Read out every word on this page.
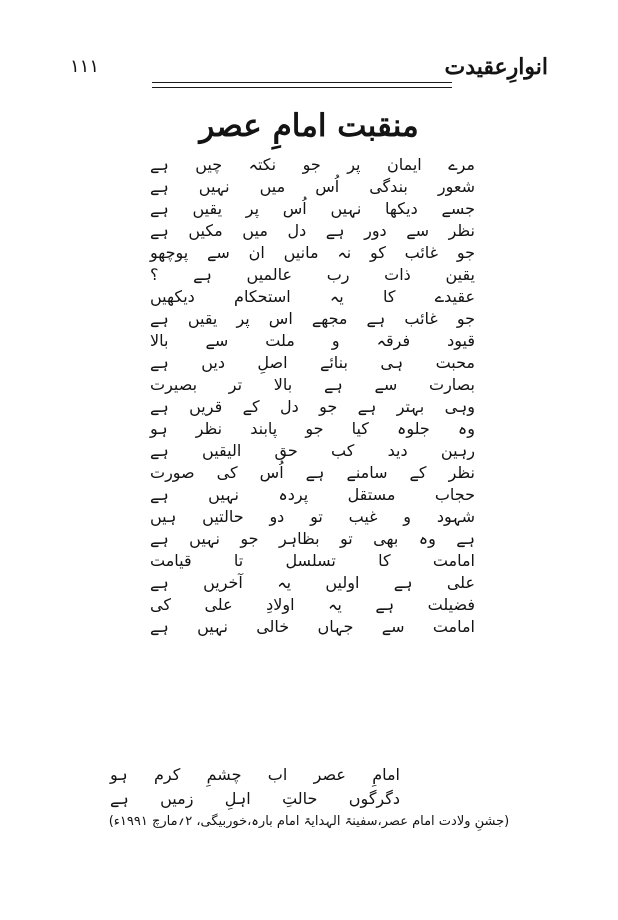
۱۱۱	انوارِعقیدت
منقبت امامِ عصر
مرے ایمان پر جو نکتہ چیں ہے
شعور بندگی اُس میں نہیں ہے
جسے دیکھا نہیں اُس پر یقیں ہے
نظر سے دور ہے دل میں مکیں ہے
جو غائب کو نہ مانیں ان سے پوچھو
یقین ذات رب عالمیں ہے ؟
عقیدے کا یہ استحکام دیکھیں
جو غائب ہے مجھے اس پر یقیں ہے
قیود فرقہ و ملت سے بالا
محبت ہی بنائے اصلِ دیں ہے
بصارت سے ہے بالا تر بصیرت
وہی بہتر ہے جو دل کے قریں ہے
وہ جلوہ کیا جو پابند نظر ہو
رہین دید کب حق الیقیں ہے
نظر کے سامنے ہے اُس کی صورت
حجاب مستقل پردہ نہیں ہے
شہود و غیب تو دو حالتیں ہیں
ہے وہ بھی تو بظاہر جو نہیں ہے
امامت کا تسلسل تا قیامت
علی ہے اولیں یہ آخریں ہے
فضیلت ہے یہ اولادِ علی کی
امامت سے جہاں خالی نہیں ہے
امامِ عصر اب چشمِ کرم ہو
دگرگوں حالتِ اہلِ زمیں ہے
(جشنِ ولادت امام عصر،سفینۃ الہدایۃ امام بارہ،خوربیگی، ۲؍مارچ ۱۹۹۱ء)
